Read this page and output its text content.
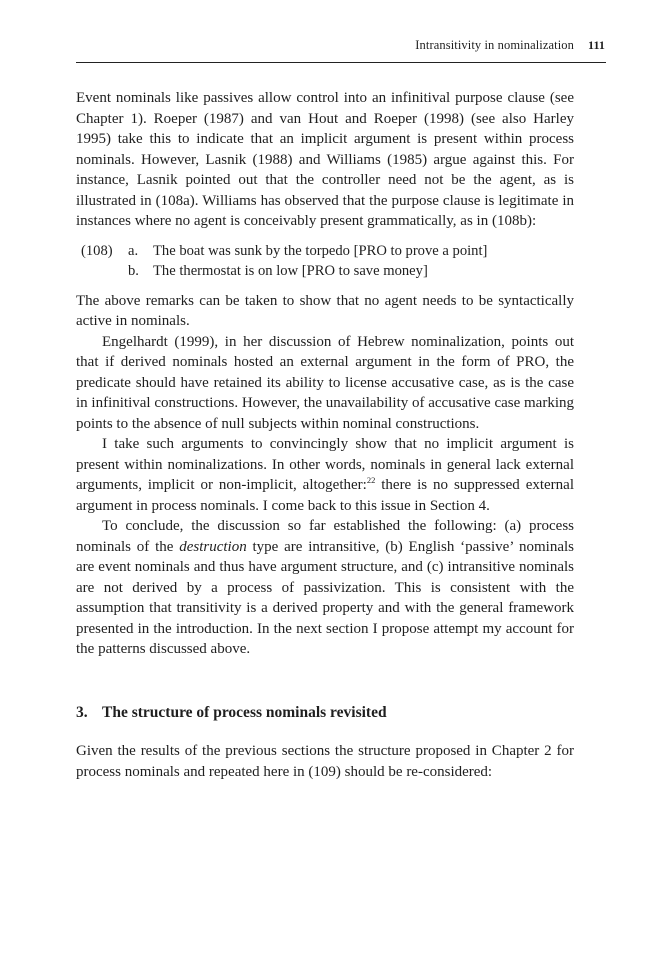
Intransitivity in nominalization 111

Event nominals like passives allow control into an infinitival purpose clause (see Chapter 1). Roeper (1987) and van Hout and Roeper (1998) (see also Harley 1995) take this to indicate that an implicit argument is present within process nominals. However, Lasnik (1988) and Williams (1985) argue against this. For instance, Lasnik pointed out that the controller need not be the agent, as is illustrated in (108a). Williams has observed that the purpose clause is legitimate in instances where no agent is conceivably present grammatically, as in (108b):

(108)	a.	The boat was sunk by the torpedo [PRO to prove a point]
b. The thermostat is on low [PRO to save money]

The above remarks can be taken to show that no agent needs to be syntactically active in nominals.

Engelhardt (1999), in her discussion of Hebrew nominalization, points out that if derived nominals hosted an external argument in the form of PRO, the predicate should have retained its ability to license accusative case, as is the case in infinitival constructions. However, the unavailability of accusative case marking points to the absence of null subjects within nominal constructions.

I take such arguments to convincingly show that no implicit argument is present within nominalizations. In other words, nominals in general lack external arguments, implicit or non-implicit, altogether:$^{22}$ there is no suppressed external argument in process nominals. I come back to this issue in Section 4.

To conclude, the discussion so far established the following: (a) process nominals of the destruction type are intransitive, (b) English ‘passive’ nominals are event nominals and thus have argument structure, and (c) intransitive nominals are not derived by a process of passivization. This is consistent with the assumption that transitivity is a derived property and with the general framework presented in the introduction. In the next section I propose attempt my account for the patterns discussed above.

3. The structure of process nominals revisited

Given the results of the previous sections the structure proposed in Chapter 2 for process nominals and repeated here in (109) should be re-considered:
